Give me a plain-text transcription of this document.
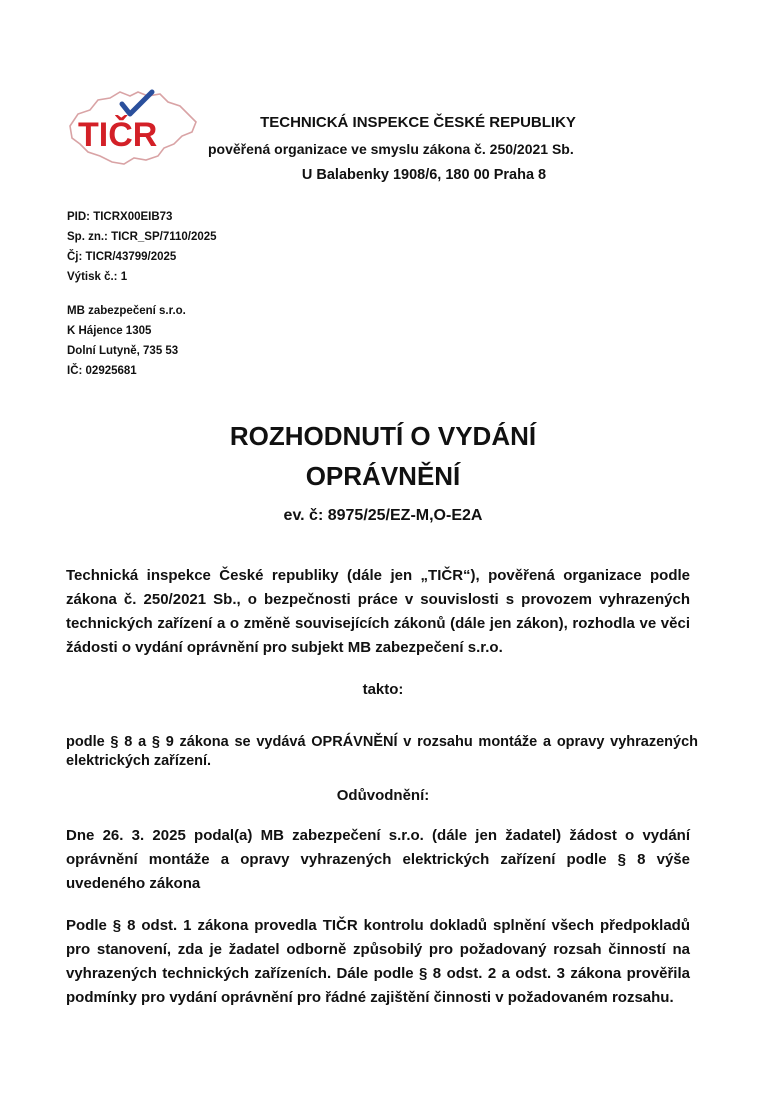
TIČR	TECHNICKÁ INSPEKCE ČESKÉ REPUBLIKY
pověřená organizace ve smyslu zákona č. 250/2021 Sb.
U Balabenky 1908/6, 180 00 Praha 8
PID: TICRX00EIB73
Sp. zn.: TICR_SP/7110/2025
Čj: TICR/43799/2025
Výtisk č.: 1
MB zabezpečení s.r.o.
K Hájence 1305
Dolní Lutyně, 735 53
IČ: 02925681
ROZHODNUTÍ O VYDÁNÍ
OPRÁVNĚNÍ
ev. č: 8975/25/EZ-M,O-E2A
Technická inspekce České republiky (dále jen „TIČR“), pověřená organizace podle zákona č. 250/2021 Sb., o bezpečnosti práce v souvislosti s provozem vyhrazených technických zařízení a o změně souvisejících zákonů (dále jen zákon), rozhodla ve věci žádosti o vydání oprávnění pro subjekt MB zabezpečení s.r.o.
takto:
podle § 8 a § 9 zákona se vydává OPRÁVNĚNÍ v rozsahu montáže a opravy vyhrazených elektrických zařízení.
Odůvodnění:
Dne 26. 3. 2025 podal(a) MB zabezpečení s.r.o. (dále jen žadatel) žádost o vydání oprávnění montáže a opravy vyhrazených elektrických zařízení podle § 8 výše uvedeného zákona
Podle § 8 odst. 1 zákona provedla TIČR kontrolu dokladů splnění všech předpokladů pro stanovení, zda je žadatel odborně způsobilý pro požadovaný rozsah činností na vyhrazených technických zařízeních. Dále podle § 8 odst. 2 a odst. 3 zákona prověřila podmínky pro vydání oprávnění pro řádné zajištění činnosti v požadovaném rozsahu.
